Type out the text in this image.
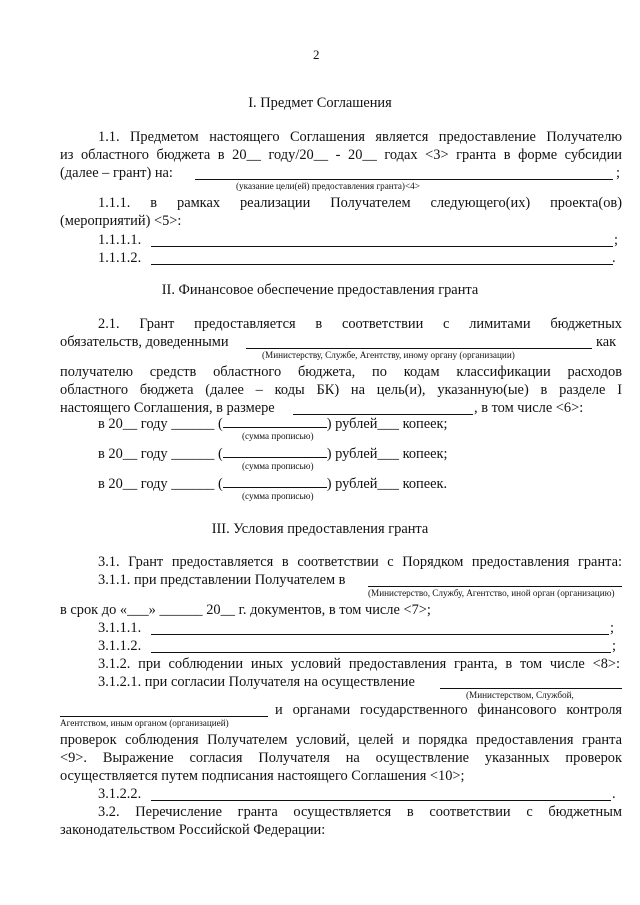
2
I. Предмет Соглашения
1.1. Предметом настоящего Соглашения является предоставление Получателю
из областного бюджета в 20__ году/20__ - 20__ годах <3> гранта в форме субсидии
(далее – грант) на:	;
(указание цели(ей) предоставления гранта)<4>
1.1.1. в рамках реализации Получателем следующего(их) проекта(ов)
(мероприятий) <5>:
1.1.1.1.	;
1.1.1.2.	.
II. Финансовое обеспечение предоставления гранта
2.1. Грант предоставляется в соответствии с лимитами бюджетных
обязательств, доведенными	как
(Министерству, Службе, Агентству, иному органу (организации)
получателю средств областного бюджета, по кодам классификации расходов
областного бюджета (далее – коды БК) на цель(и), указанную(ые) в разделе I
настоящего Соглашения, в размере	, в том числе <6>:
в 20__ году ______ (	) рублей___ копеек;
(сумма прописью)
в 20__ году ______ (	) рублей___ копеек;
(сумма прописью)
в 20__ году ______ (	) рублей___ копеек.
(сумма прописью)
III. Условия предоставления гранта
3.1. Грант предоставляется в соответствии с Порядком предоставления гранта:
3.1.1. при представлении Получателем в
(Министерство, Службу, Агентство, иной орган (организацию)
в срок до «___» ______ 20__ г. документов, в том числе <7>;
3.1.1.1.	;
3.1.1.2.	;
3.1.2. при соблюдении иных условий предоставления гранта, в том числе <8>:
3.1.2.1. при согласии Получателя на осуществление
(Министерством, Службой,
и органами государственного финансового контроля
Агентством, иным органом (организацией)
проверок соблюдения Получателем условий, целей и порядка предоставления гранта
<9>. Выражение согласия Получателя на осуществление указанных проверок
осуществляется путем подписания настоящего Соглашения <10>;
3.1.2.2.	.
3.2. Перечисление гранта осуществляется в соответствии с бюджетным
законодательством Российской Федерации:
